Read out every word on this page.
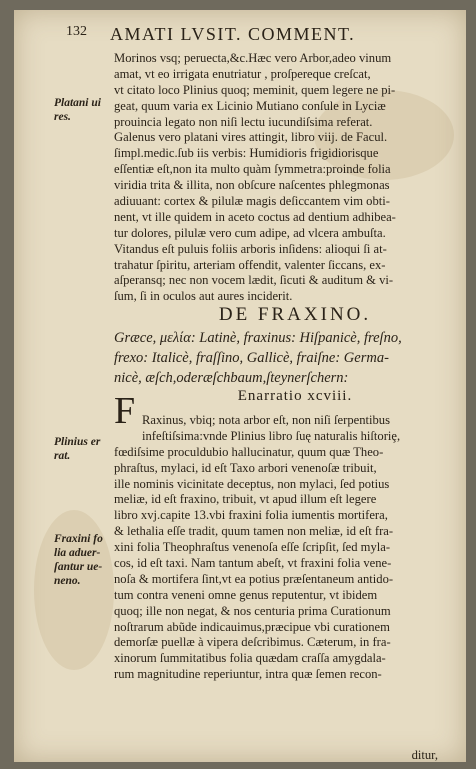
132 AMATI LVSIT. COMMENT.
Morinos vsq; peruecta,&c.Hæc vero Arbor,adeo vinum
amat, vt eo irrigata enutriatur , proſpereque creſcat,
vt citato loco Plinius quoq; meminit, quem legere ne pi-
geat, quum varia ex Licinio Mutiano conſule in Lyciæ
prouincia legato non niſi lectu iucundiſsima referat.
Galenus vero platani vires attingit, libro viij. de Facul.
ſimpl.medic.ſub iis verbis: Humidioris frigidiorisque
eſſentiæ eſt,non ita multo quàm ſymmetra:proinde folia
viridia trita & illita, non obſcure naſcentes phlegmonas
adiuuant: cortex & pilulæ magis deſiccantem vim obti-
nent, vt ille quidem in aceto coctus ad dentium adhibea-
tur dolores, pilulæ vero cum adipe, ad vlcera ambuſta.
Vitandus eſt puluis foliis arboris inſidens: alioqui ſi at-
trahatur ſpiritu, arteriam offendit, valenter ſiccans, ex-
aſperansq; nec non vocem lædit, ſicuti & auditum & vi-
ſum, ſi in oculos aut aures inciderit.
Platani ui
res.
DE FRAXINO.
Græce, μελία: Latinè, fraxinus: Hiſpanicè, freſno,
frexo: Italicè, fraſſino, Gallicè, fraiſne: Germa-
nicè, æſch,oderæſchbaum,ſteynerſchern:
Enarratio xcviii.
F Raxinus, vbiq; nota arbor eſt, non niſi ſerpentibus
infeſtiſsima:vnde Plinius libro ſuę naturalis hiſtoriȩ,
fœdiſsime proculdubio hallucinatur, quum quæ Theo-
phraſtus, mylaci, id eſt Taxo arbori venenoſæ tribuit,
ille nominis vicinitate deceptus, non mylaci, ſed potius
meliæ, id eſt fraxino, tribuit, vt apud illum eſt legere
libro xvj.capite 13.vbi fraxini folia iumentis mortifera,
& lethalia eſſe tradit, quum tamen non meliæ, id eſt fra-
xini folia Theophraſtus venenoſa eſſe ſcripſit, ſed myla-
cos, id eſt taxi. Nam tantum abeſt, vt fraxini folia vene-
noſa & mortifera ſint,vt ea potius præſentaneum antido-
tum contra veneni omne genus reputentur, vt ibidem
quoq; ille non negat, & nos centuria prima Curationum
noſtrarum abũde indicauimus,præcipue vbi curationem
demorſæ puellæ à vipera deſcribimus. Cæterum, in fra-
xinorum ſummitatibus folia quædam craſſa amygdala-
rum magnitudine reperiuntur, intra quæ ſemen recon-
Plinius er
rat.
Fraxini fo
lia aduer-
ſantur ue-
neno.
ditur,
